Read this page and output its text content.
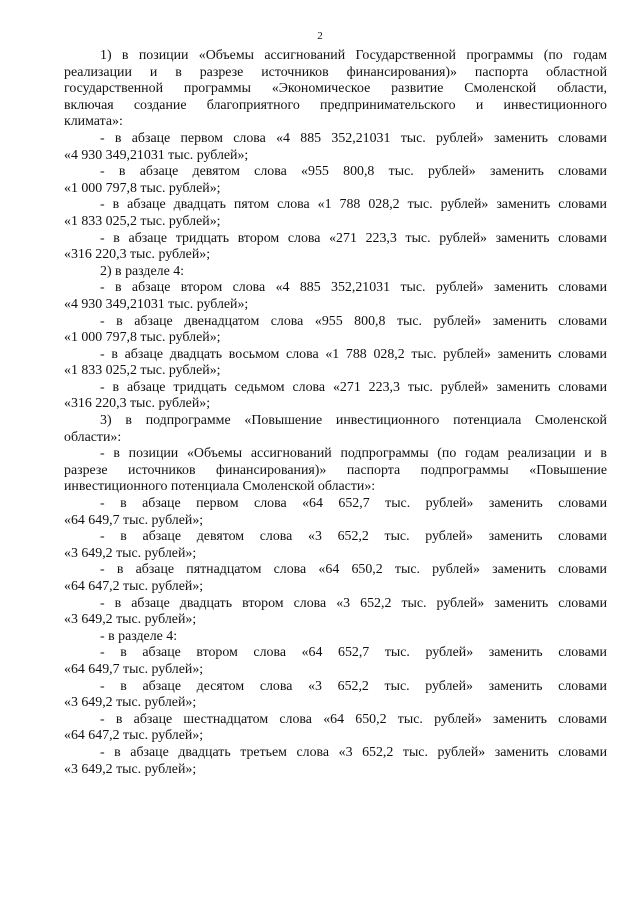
2
1) в позиции «Объемы ассигнований Государственной программы (по годам
реализации и в разрезе источников финансирования)» паспорта областной
государственной программы «Экономическое развитие Смоленской области,
включая создание благоприятного предпринимательского и инвестиционного
климата»:
- в абзаце первом слова «4 885 352,21031 тыс. рублей» заменить словами
«4 930 349,21031 тыс. рублей»;
- в абзаце девятом слова «955 800,8 тыс. рублей» заменить словами
«1 000 797,8 тыс. рублей»;
- в абзаце двадцать пятом слова «1 788 028,2 тыс. рублей» заменить словами
«1 833 025,2 тыс. рублей»;
- в абзаце тридцать втором слова «271 223,3 тыс. рублей» заменить словами
«316 220,3 тыс. рублей»;
2) в разделе 4:
- в абзаце втором слова «4 885 352,21031 тыс. рублей» заменить словами
«4 930 349,21031 тыс. рублей»;
- в абзаце двенадцатом слова «955 800,8 тыс. рублей» заменить словами
«1 000 797,8 тыс. рублей»;
- в абзаце двадцать восьмом слова «1 788 028,2 тыс. рублей» заменить словами
«1 833 025,2 тыс. рублей»;
- в абзаце тридцать седьмом слова «271 223,3 тыс. рублей» заменить словами
«316 220,3 тыс. рублей»;
3) в подпрограмме «Повышение инвестиционного потенциала Смоленской
области»:
- в позиции «Объемы ассигнований подпрограммы (по годам реализации и в
разрезе источников финансирования)» паспорта подпрограммы «Повышение
инвестиционного потенциала Смоленской области»:
- в абзаце первом слова «64 652,7 тыс. рублей» заменить словами
«64 649,7 тыс. рублей»;
- в абзаце девятом слова «3 652,2 тыс. рублей» заменить словами
«3 649,2 тыс. рублей»;
- в абзаце пятнадцатом слова «64 650,2 тыс. рублей» заменить словами
«64 647,2 тыс. рублей»;
- в абзаце двадцать втором слова «3 652,2 тыс. рублей» заменить словами
«3 649,2 тыс. рублей»;
- в разделе 4:
- в абзаце втором слова «64 652,7 тыс. рублей» заменить словами
«64 649,7 тыс. рублей»;
- в абзаце десятом слова «3 652,2 тыс. рублей» заменить словами
«3 649,2 тыс. рублей»;
- в абзаце шестнадцатом слова «64 650,2 тыс. рублей» заменить словами
«64 647,2 тыс. рублей»;
- в абзаце двадцать третьем слова «3 652,2 тыс. рублей» заменить словами
«3 649,2 тыс. рублей»;
